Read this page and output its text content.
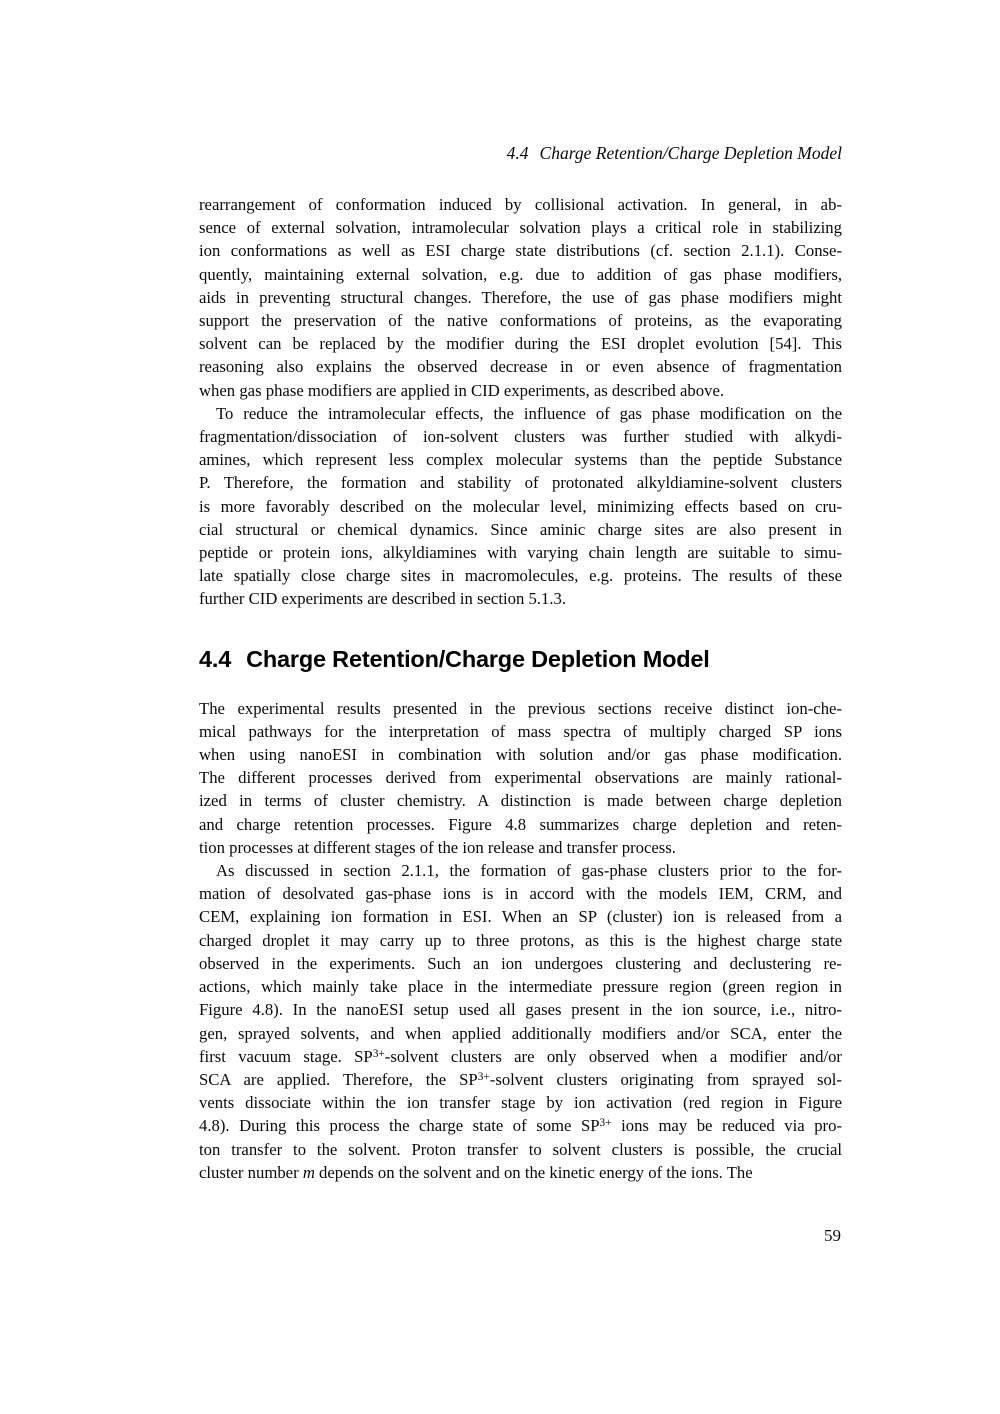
4.4 Charge Retention/Charge Depletion Model
rearrangement of conformation induced by collisional activation. In general, in ab-
sence of external solvation, intramolecular solvation plays a critical role in stabilizing
ion conformations as well as ESI charge state distributions (cf. section 2.1.1). Conse-
quently, maintaining external solvation, e.g. due to addition of gas phase modifiers,
aids in preventing structural changes. Therefore, the use of gas phase modifiers might
support the preservation of the native conformations of proteins, as the evaporating
solvent can be replaced by the modifier during the ESI droplet evolution [54]. This
reasoning also explains the observed decrease in or even absence of fragmentation
when gas phase modifiers are applied in CID experiments, as described above.
To reduce the intramolecular effects, the influence of gas phase modification on the
fragmentation/dissociation of ion-solvent clusters was further studied with alkydi-
amines, which represent less complex molecular systems than the peptide Substance
P. Therefore, the formation and stability of protonated alkyldiamine-solvent clusters
is more favorably described on the molecular level, minimizing effects based on cru-
cial structural or chemical dynamics. Since aminic charge sites are also present in
peptide or protein ions, alkyldiamines with varying chain length are suitable to simu-
late spatially close charge sites in macromolecules, e.g. proteins. The results of these
further CID experiments are described in section 5.1.3.
4.4 Charge Retention/Charge Depletion Model
The experimental results presented in the previous sections receive distinct ion-che-
mical pathways for the interpretation of mass spectra of multiply charged SP ions
when using nanoESI in combination with solution and/or gas phase modification.
The different processes derived from experimental observations are mainly rational-
ized in terms of cluster chemistry. A distinction is made between charge depletion
and charge retention processes. Figure 4.8 summarizes charge depletion and reten-
tion processes at different stages of the ion release and transfer process.
As discussed in section 2.1.1, the formation of gas-phase clusters prior to the for-
mation of desolvated gas-phase ions is in accord with the models IEM, CRM, and
CEM, explaining ion formation in ESI. When an SP (cluster) ion is released from a
charged droplet it may carry up to three protons, as this is the highest charge state
observed in the experiments. Such an ion undergoes clustering and declustering re-
actions, which mainly take place in the intermediate pressure region (green region in
Figure 4.8). In the nanoESI setup used all gases present in the ion source, i.e., nitro-
gen, sprayed solvents, and when applied additionally modifiers and/or SCA, enter the
first vacuum stage. $SP^{3+}$-solvent clusters are only observed when a modifier and/or
SCA are applied. Therefore, the $SP^{3+}$-solvent clusters originating from sprayed sol-
vents dissociate within the ion transfer stage by ion activation (red region in Figure
4.8). During this process the charge state of some $SP^{3+}$ ions may be reduced via pro-
ton transfer to the solvent. Proton transfer to solvent clusters is possible, the crucial
cluster number m depends on the solvent and on the kinetic energy of the ions. The
59
